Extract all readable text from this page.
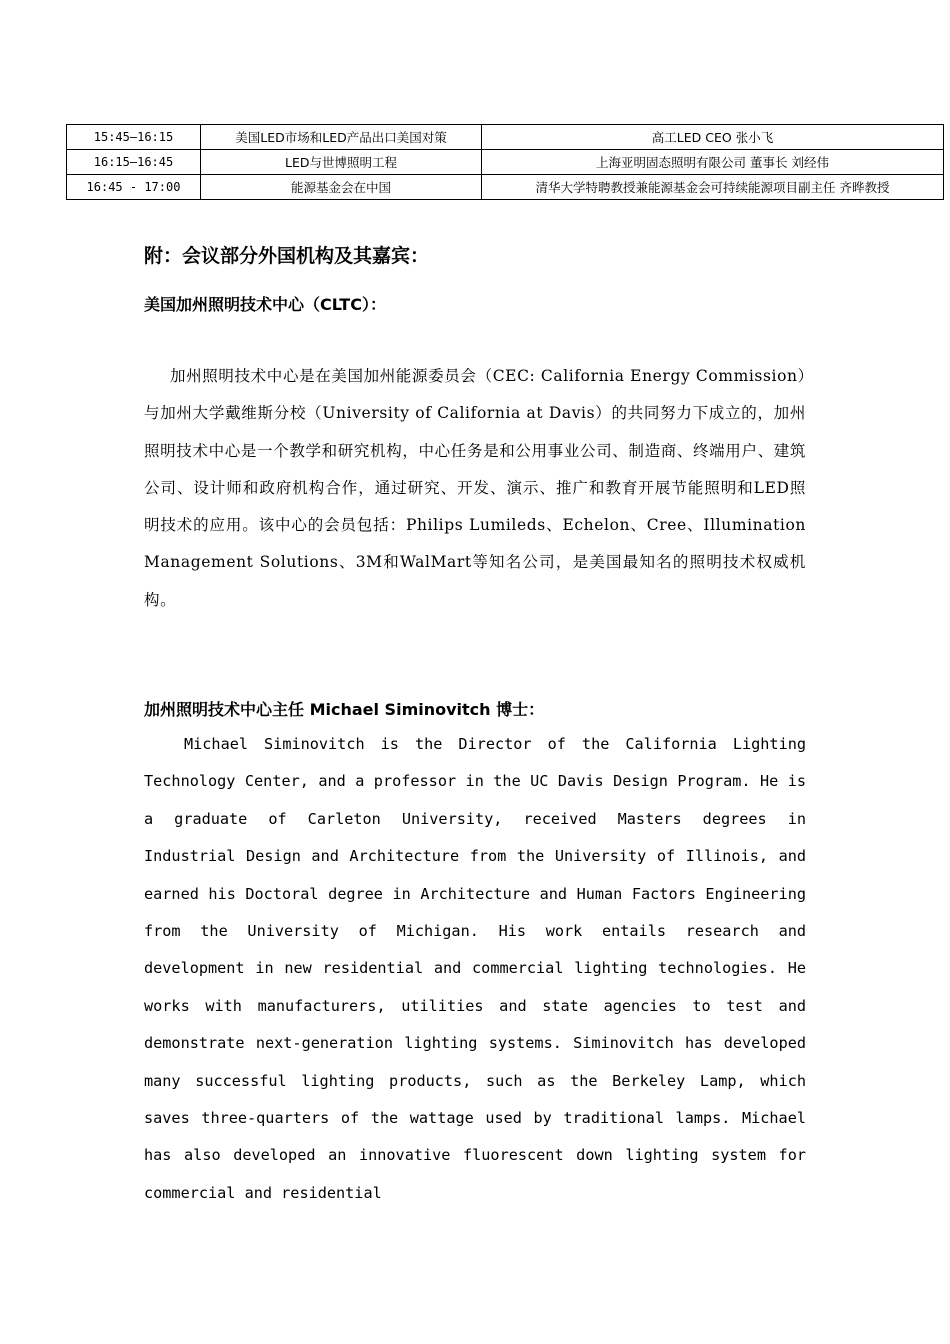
15:45—16:15	美国LED市场和LED产品出口美国对策	高工LED CEO 张小飞
16:15—16:45	LED与世博照明工程	上海亚明固态照明有限公司 董事长 刘经伟
16:45 - 17:00	能源基金会在中国	清华大学特聘教授兼能源基金会可持续能源项目副主任 齐晔教授
附：会议部分外国机构及其嘉宾：
美国加州照明技术中心（CLTC）：

加州照明技术中心是在美国加州能源委员会（CEC: California Energy Commission）与加州大学戴维斯分校（University of California at Davis）的共同努力下成立的，加州照明技术中心是一个教学和研究机构，中心任务是和公用事业公司、制造商、终端用户、建筑公司、设计师和政府机构合作，通过研究、开发、演示、推广和教育开展节能照明和LED照明技术的应用。该中心的会员包括：Philips Lumileds、Echelon、Cree、Illumination Management Solutions、3M和WalMart等知名公司，是美国最知名的照明技术权威机构。

加州照明技术中心主任 Michael Siminovitch 博士：

Michael Siminovitch is the Director of the California Lighting Technology Center, and a professor in the UC Davis Design Program. He is a graduate of Carleton University, received Masters degrees in Industrial Design and Architecture from the University of Illinois, and earned his Doctoral degree in Architecture and Human Factors Engineering from the University of Michigan. His work entails research and development in new residential and commercial lighting technologies. He works with manufacturers, utilities and state agencies to test and demonstrate next-generation lighting systems. Siminovitch has developed many successful lighting products, such as the Berkeley Lamp, which saves three-quarters of the wattage used by traditional lamps. Michael has also developed an innovative fluorescent down lighting system for commercial and residential
